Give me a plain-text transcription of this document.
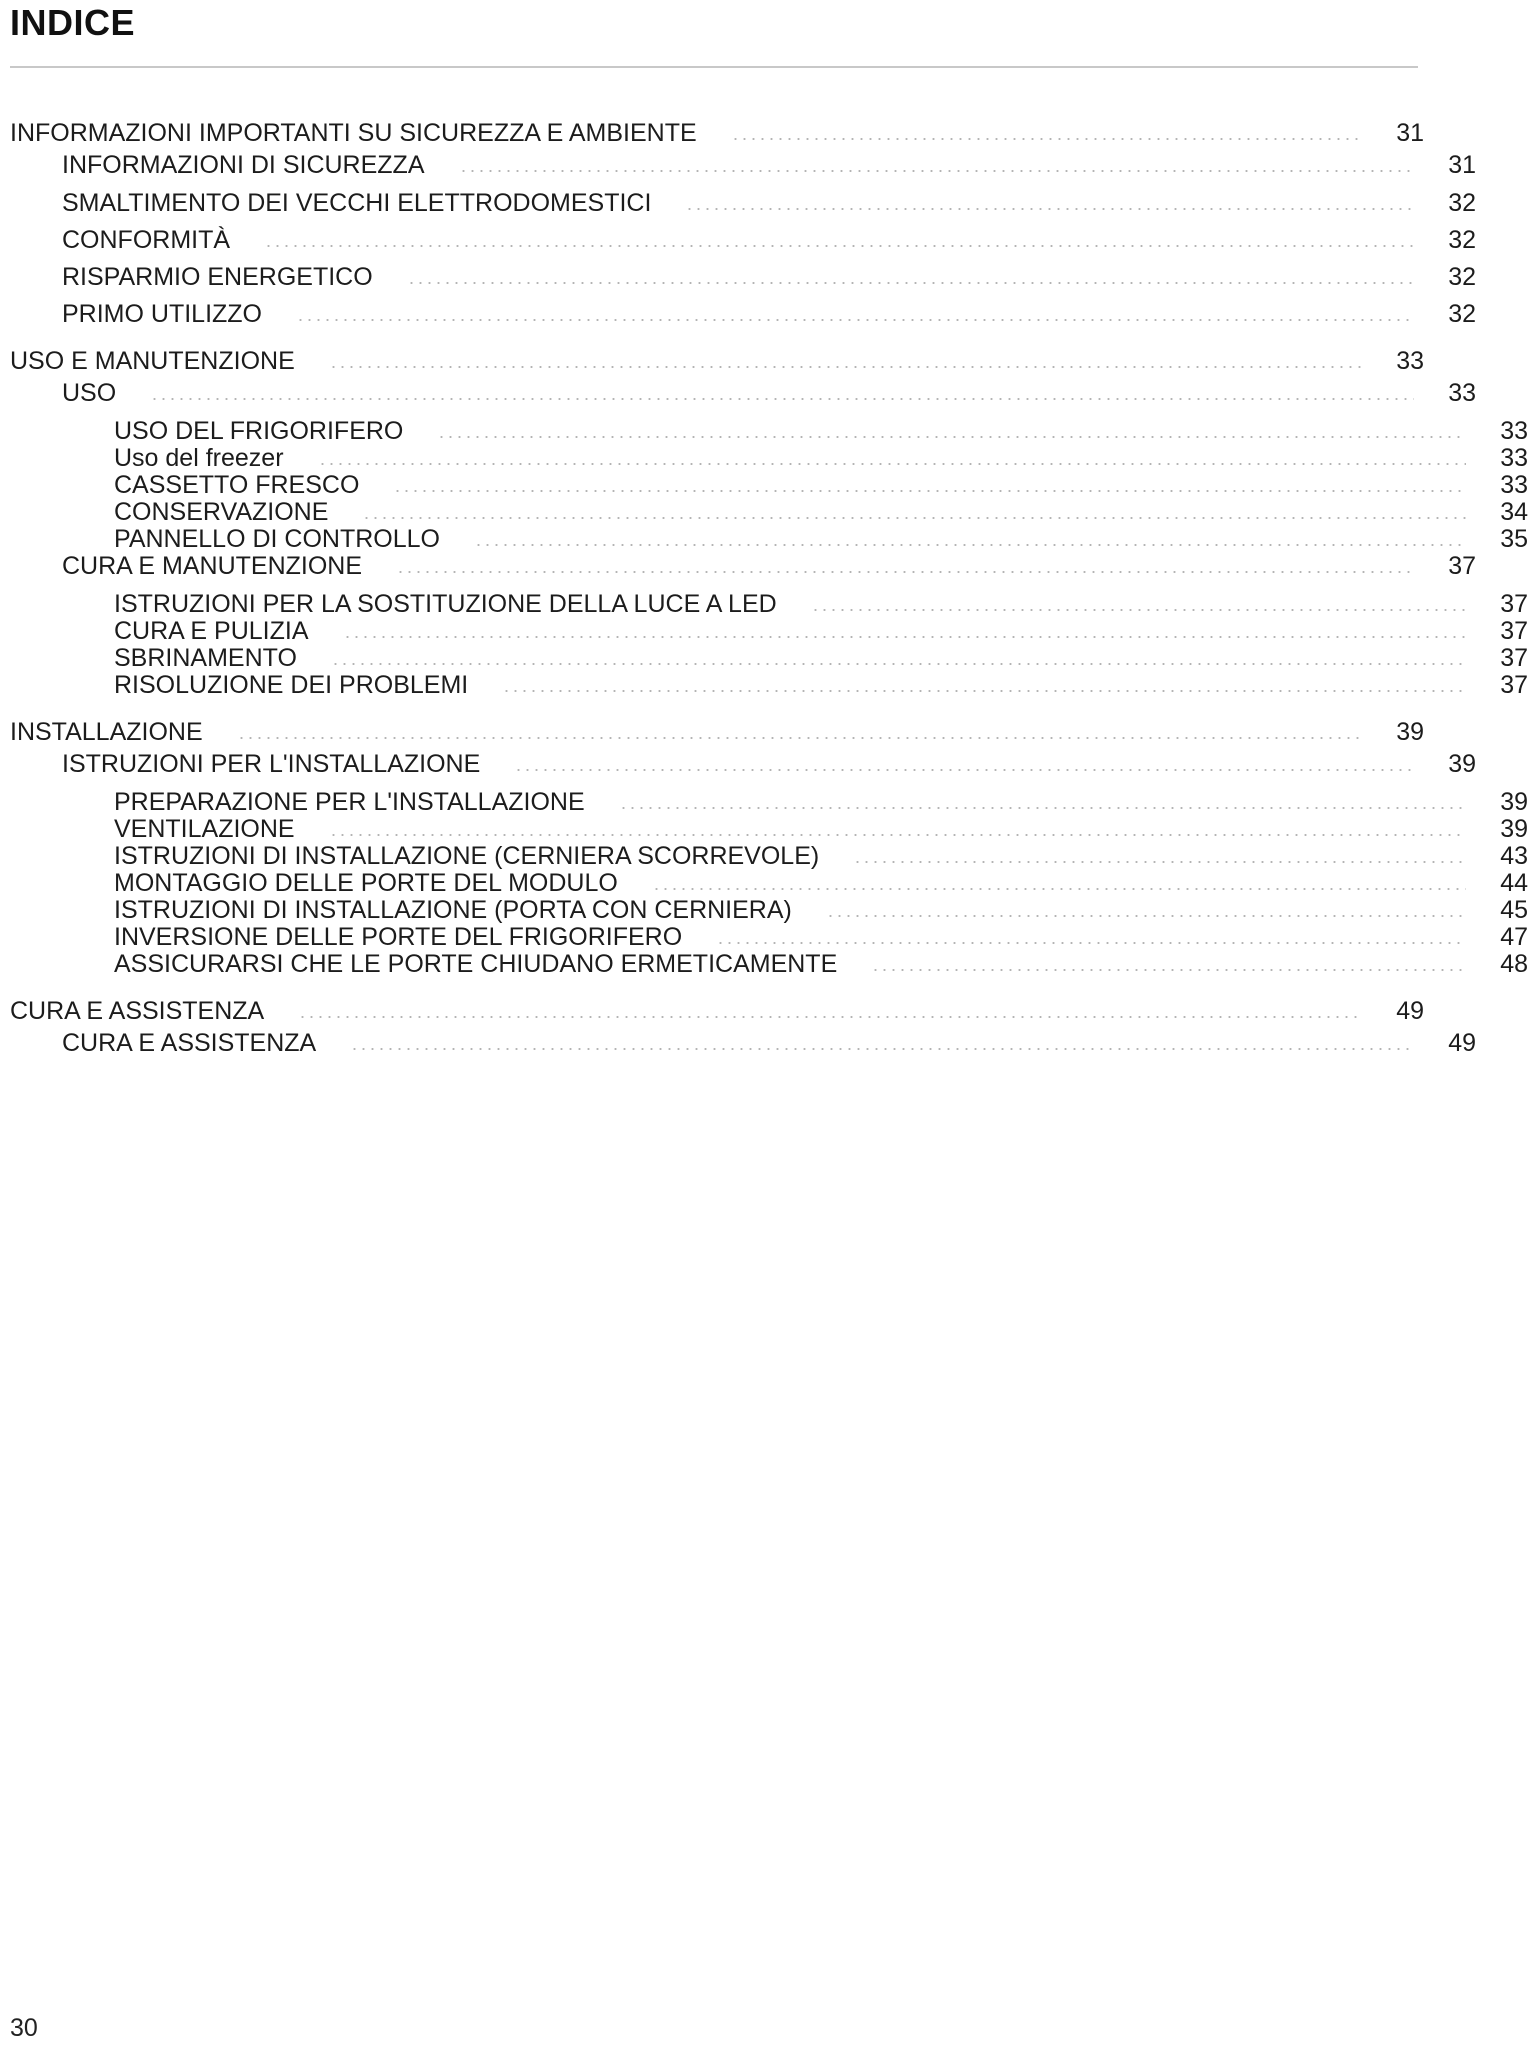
INDICE
INFORMAZIONI IMPORTANTI SU SICUREZZA E AMBIENTE	31
INFORMAZIONI DI SICUREZZA	31
SMALTIMENTO DEI VECCHI ELETTRODOMESTICI	32
CONFORMITÀ	32
RISPARMIO ENERGETICO	32
PRIMO UTILIZZO	32
USO E MANUTENZIONE	33
USO	33
USO DEL FRIGORIFERO	33
Uso del freezer	33
CASSETTO FRESCO	33
CONSERVAZIONE	34
PANNELLO DI CONTROLLO	35
CURA E MANUTENZIONE	37
ISTRUZIONI PER LA SOSTITUZIONE DELLA LUCE A LED	37
CURA E PULIZIA	37
SBRINAMENTO	37
RISOLUZIONE DEI PROBLEMI	37
INSTALLAZIONE	39
ISTRUZIONI PER L'INSTALLAZIONE	39
PREPARAZIONE PER L'INSTALLAZIONE	39
VENTILAZIONE	39
ISTRUZIONI DI INSTALLAZIONE (CERNIERA SCORREVOLE)	43
MONTAGGIO DELLE PORTE DEL MODULO	44
ISTRUZIONI DI INSTALLAZIONE (PORTA CON CERNIERA)	45
INVERSIONE DELLE PORTE DEL FRIGORIFERO	47
ASSICURARSI CHE LE PORTE CHIUDANO ERMETICAMENTE	48
CURA E ASSISTENZA	49
CURA E ASSISTENZA	49
30
